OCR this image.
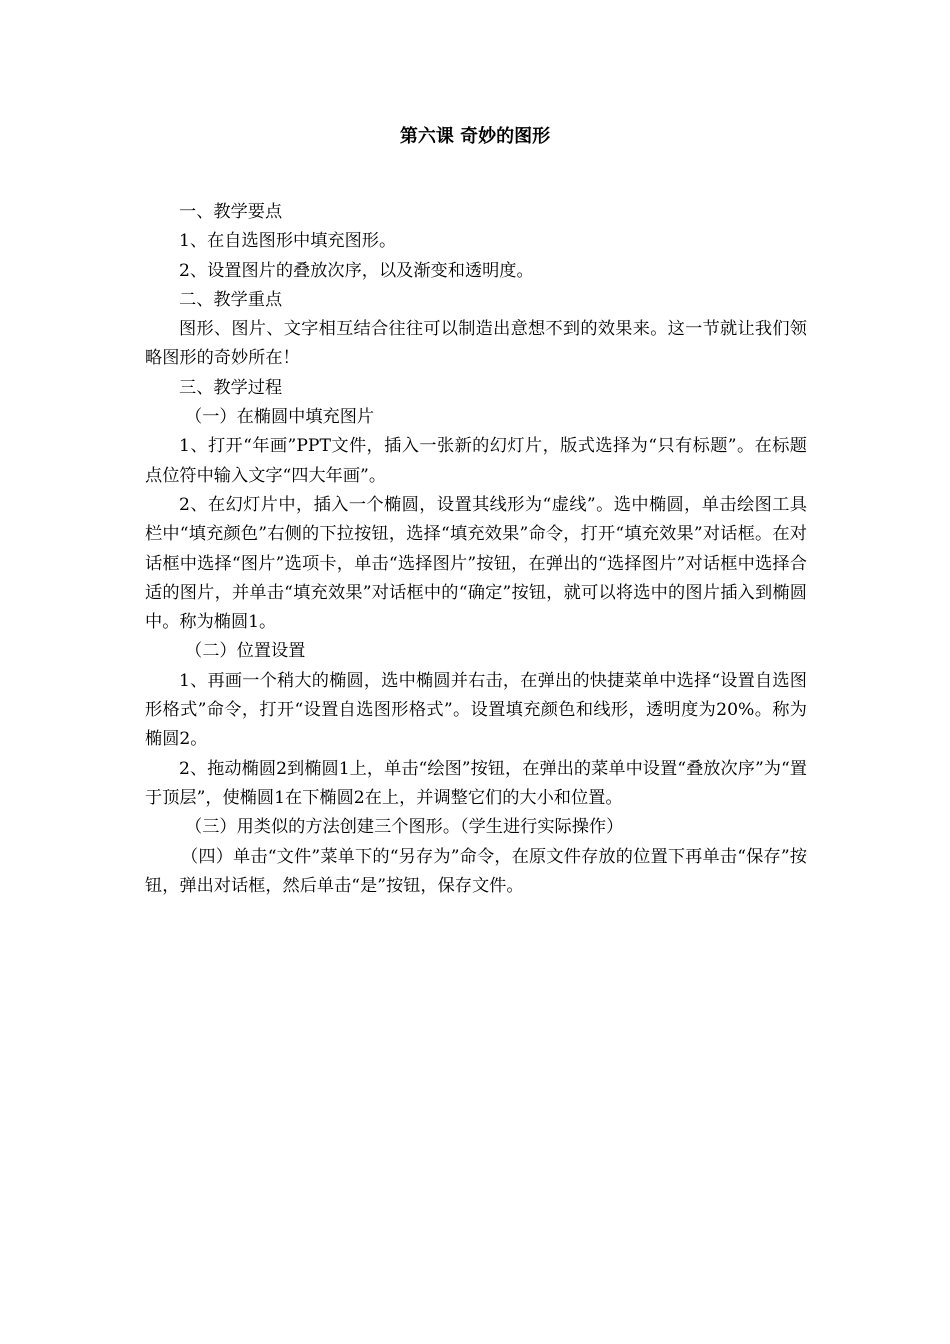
第六课 奇妙的图形

一、教学要点

1、在自选图形中填充图形。

2、设置图片的叠放次序，以及渐变和透明度。

二、教学重点

图形、图片、文字相互结合往往可以制造出意想不到的效果来。这一节就让我们领略图形的奇妙所在！

三、教学过程

（一）在椭圆中填充图片

1、打开“年画”PPT文件，插入一张新的幻灯片，版式选择为“只有标题”。在标题点位符中输入文字“四大年画”。

2、在幻灯片中，插入一个椭圆，设置其线形为“虚线”。选中椭圆，单击绘图工具栏中“填充颜色”右侧的下拉按钮，选择“填充效果”命令，打开“填充效果”对话框。在对话框中选择“图片”选项卡，单击“选择图片”按钮，在弹出的“选择图片”对话框中选择合适的图片，并单击“填充效果”对话框中的“确定”按钮，就可以将选中的图片插入到椭圆中。称为椭圆1。

（二）位置设置

1、再画一个稍大的椭圆，选中椭圆并右击，在弹出的快捷菜单中选择“设置自选图形格式”命令，打开“设置自选图形格式”。设置填充颜色和线形，透明度为20%。称为椭圆2。

2、拖动椭圆2到椭圆1上，单击“绘图”按钮，在弹出的菜单中设置“叠放次序”为“置于顶层”，使椭圆1在下椭圆2在上，并调整它们的大小和位置。

（三）用类似的方法创建三个图形。（学生进行实际操作）

（四）单击“文件”菜单下的“另存为”命令，在原文件存放的位置下再单击“保存”按钮，弹出对话框，然后单击“是”按钮，保存文件。
